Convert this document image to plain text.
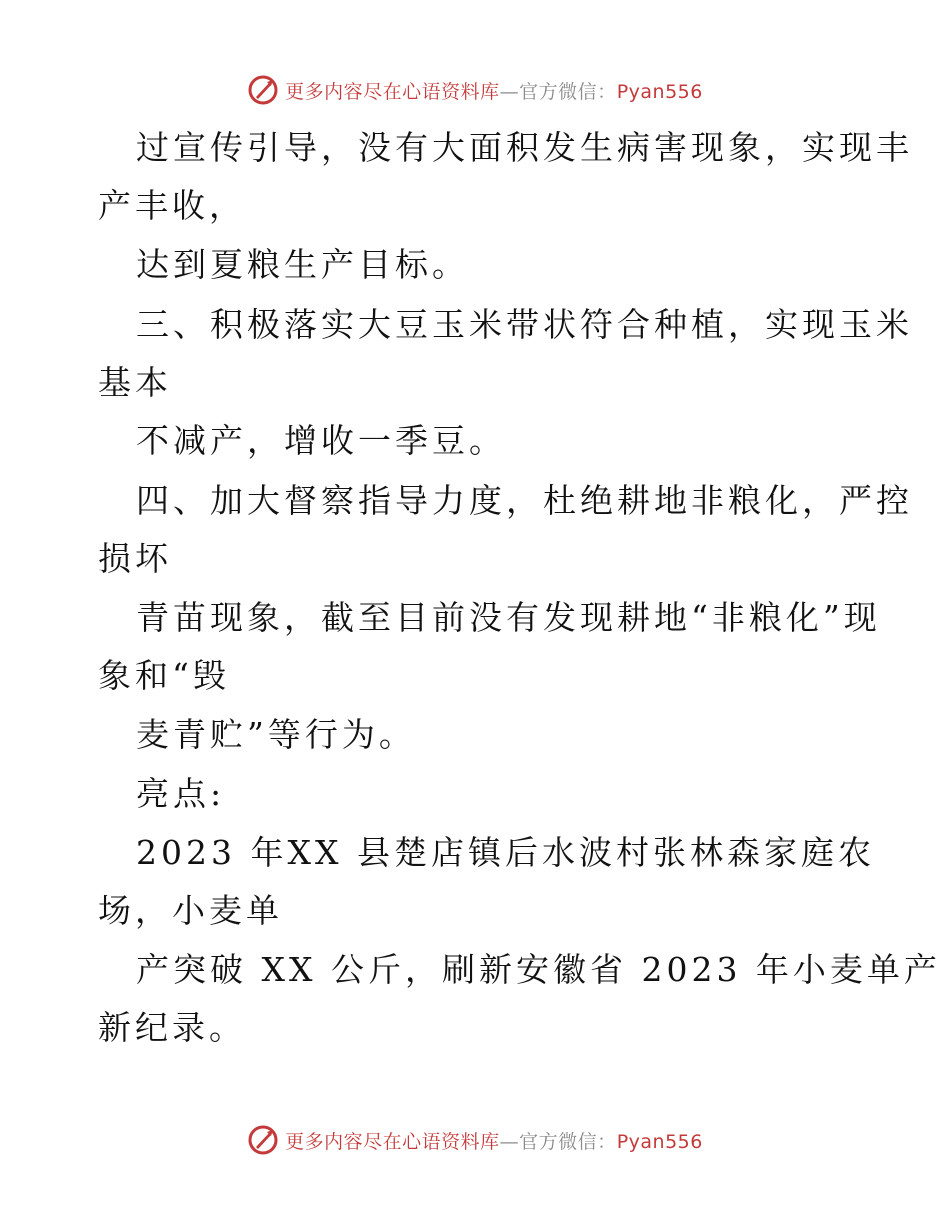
更多内容尽在心语资料库—官方微信：Pyan556
过宣传引导，没有大面积发生病害现象，实现丰
产丰收，
达到夏粮生产目标。
三、积极落实大豆玉米带状符合种植，实现玉米
基本
不减产，增收一季豆。
四、加大督察指导力度，杜绝耕地非粮化，严控
损坏
青苗现象，截至目前没有发现耕地“非粮化”现
象和“毁
麦青贮”等行为。
亮点:
2023 年XX 县楚店镇后水波村张林森家庭农
场，小麦单
产突破 XX 公斤，刷新安徽省 2023 年小麦单产
新纪录。
更多内容尽在心语资料库—官方微信：Pyan556
